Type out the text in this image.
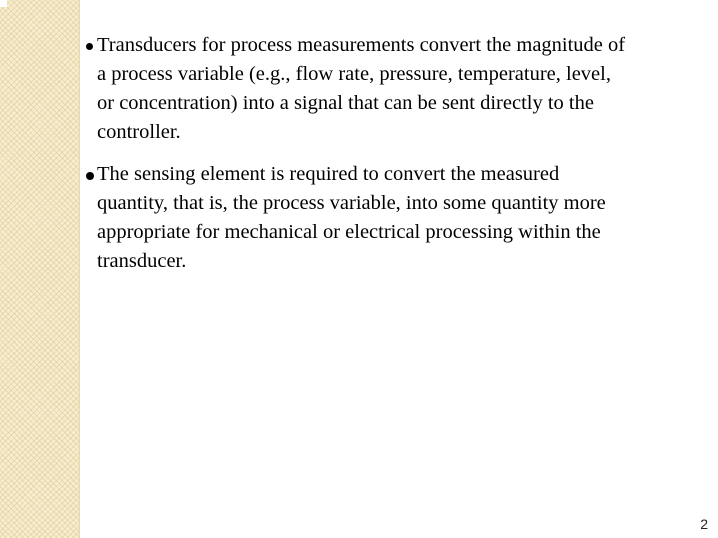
Transducers for process measurements convert the magnitude of
a process variable (e.g., flow rate, pressure, temperature, level,
or concentration) into a signal that can be sent directly to the
controller.

The sensing element is required to convert the measured
quantity, that is, the process variable, into some quantity more
appropriate for mechanical or electrical processing within the
transducer.

2
